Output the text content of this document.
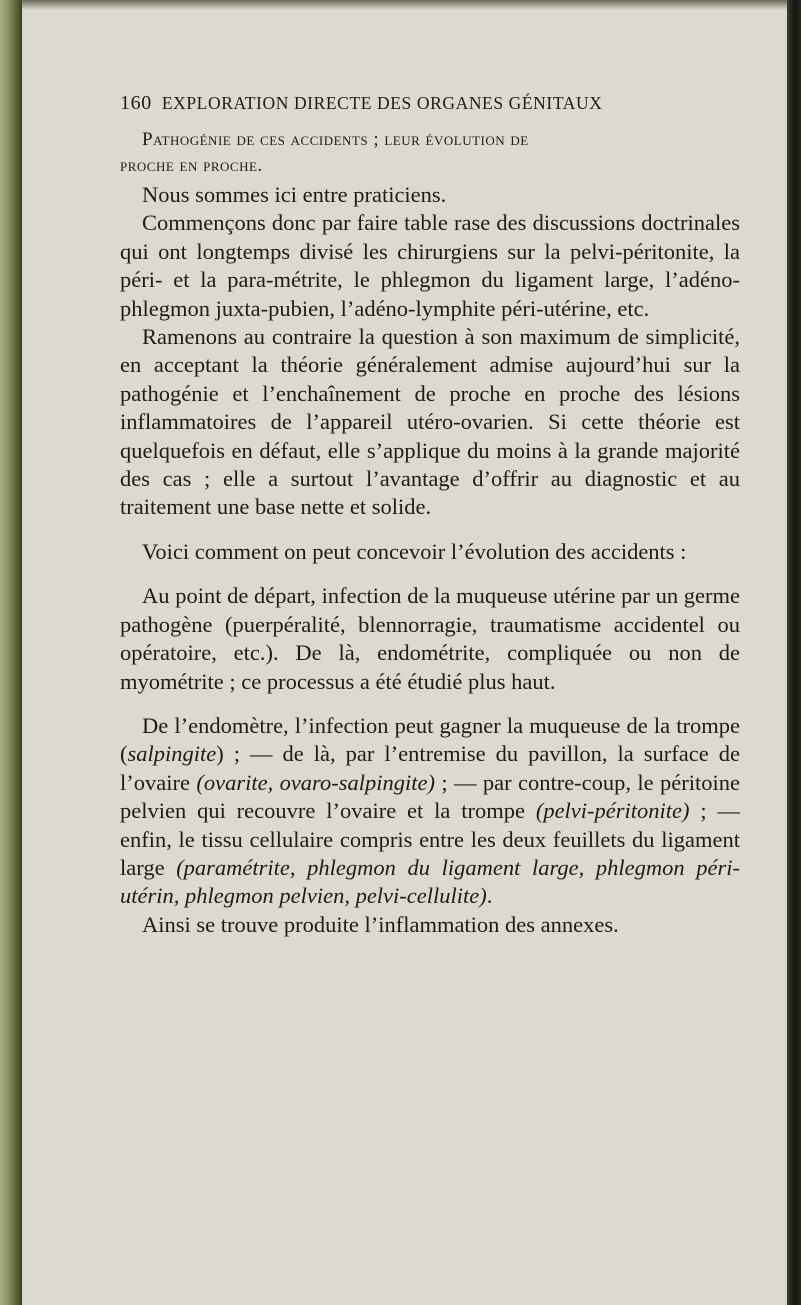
160 EXPLORATION DIRECTE DES ORGANES GÉNITAUX
Pathogénie de ces accidents ; leur évolution de
proche en proche.

Nous sommes ici entre praticiens.

Commençons donc par faire table rase des discussions doctrinales qui ont longtemps divisé les chirurgiens sur la pelvi-péritonite, la péri- et la para-métrite, le phlegmon du ligament large, l’adéno-phlegmon juxta-pubien, l’adéno-lymphite péri-utérine, etc.

Ramenons au contraire la question à son maximum de simplicité, en acceptant la théorie généralement admise aujourd’hui sur la pathogénie et l’enchaînement de proche en proche des lésions inflammatoires de l’appareil utéro-ovarien. Si cette théorie est quelquefois en défaut, elle s’applique du moins à la grande majorité des cas ; elle a surtout l’avantage d’offrir au diagnostic et au traitement une base nette et solide.

Voici comment on peut concevoir l’évolution des accidents :

Au point de départ, infection de la muqueuse utérine par un germe pathogène (puerpéralité, blennorragie, traumatisme accidentel ou opératoire, etc.). De là, endométrite, compliquée ou non de myométrite ; ce processus a été étudié plus haut.

De l’endomètre, l’infection peut gagner la muqueuse de la trompe (salpingite) ; — de là, par l’entremise du pavillon, la surface de l’ovaire (ovarite, ovaro-salpingite) ; — par contre-coup, le péritoine pelvien qui recouvre l’ovaire et la trompe (pelvi-péritonite) ; — enfin, le tissu cellulaire compris entre les deux feuillets du ligament large (paramétrite, phlegmon du ligament large, phlegmon péri-utérin, phlegmon pelvien, pelvi-cellulite).

Ainsi se trouve produite l’inflammation des annexes.
